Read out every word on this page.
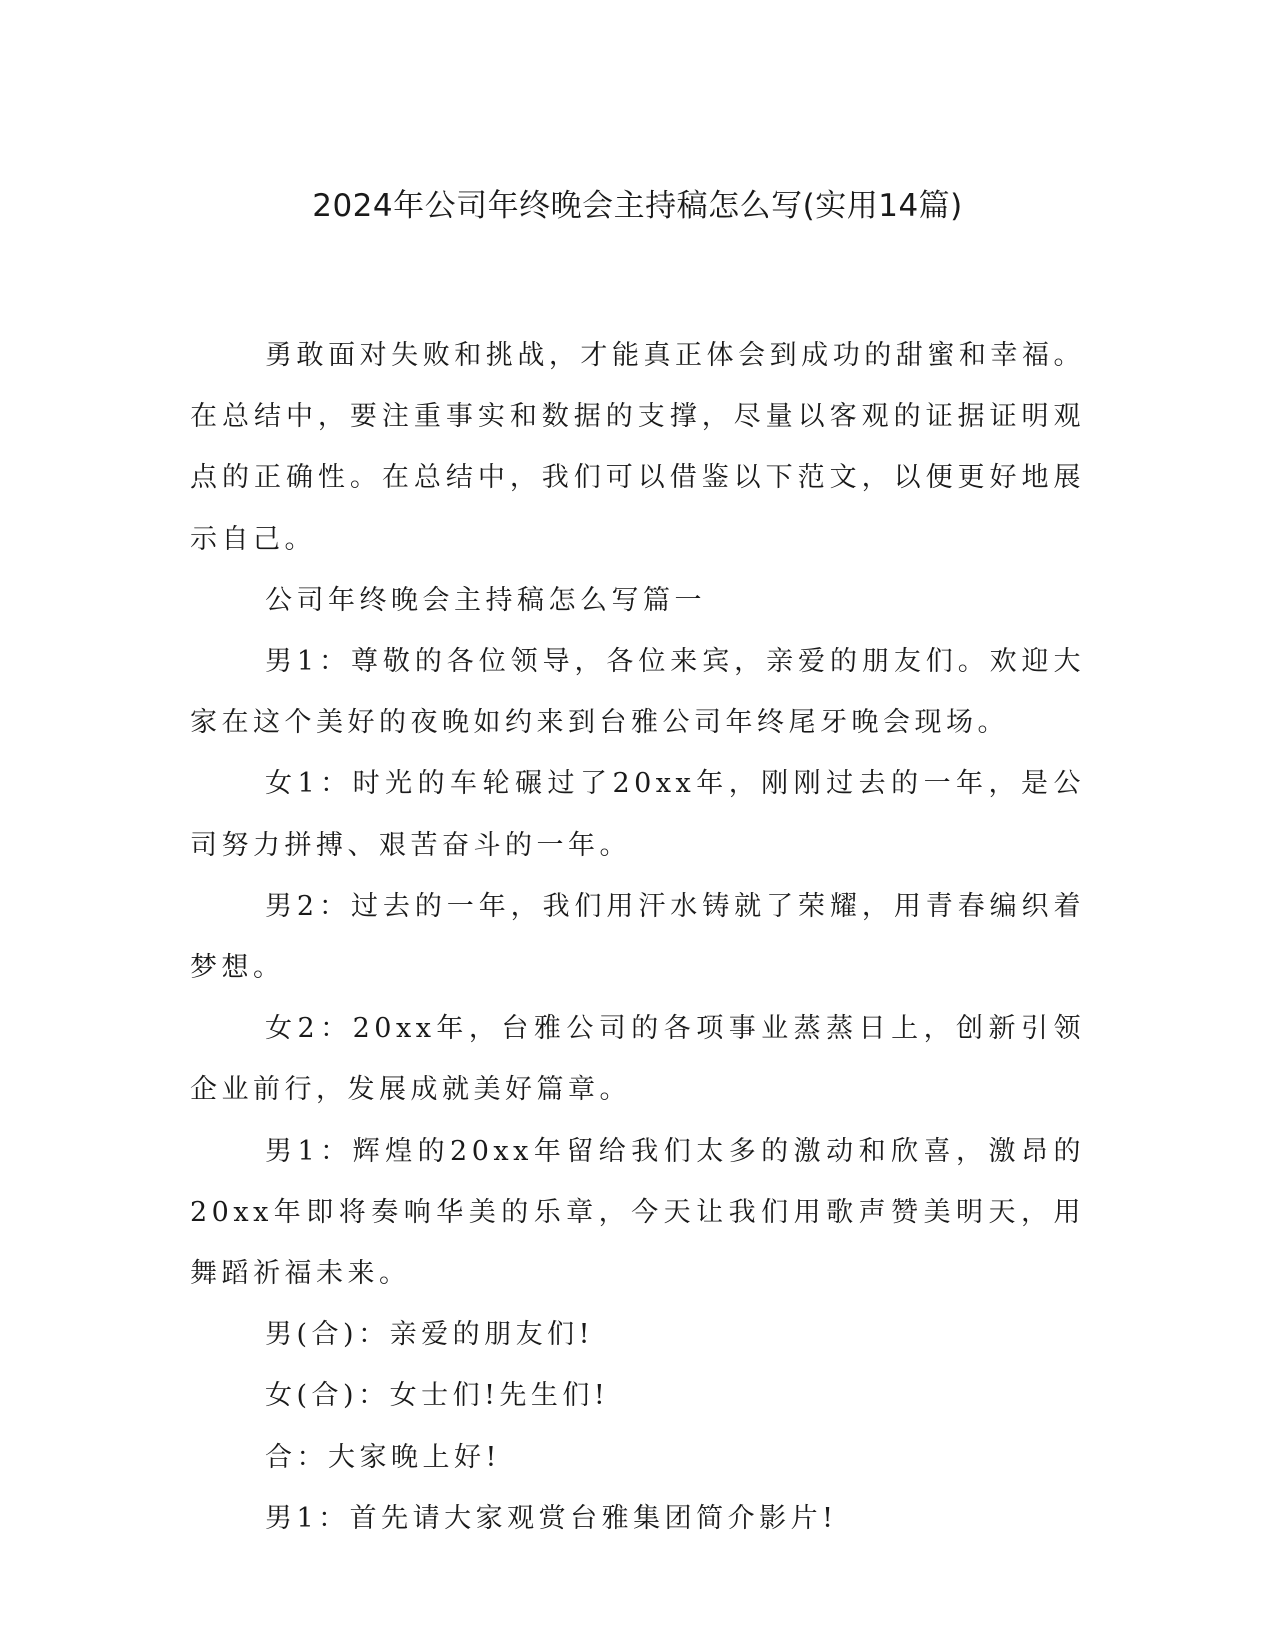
2024年公司年终晚会主持稿怎么写(实用14篇)

勇敢面对失败和挑战，才能真正体会到成功的甜蜜和幸福。在总结中，要注重事实和数据的支撑，尽量以客观的证据证明观点的正确性。在总结中，我们可以借鉴以下范文，以便更好地展示自己。

公司年终晚会主持稿怎么写篇一

男1：尊敬的各位领导，各位来宾，亲爱的朋友们。欢迎大家在这个美好的夜晚如约来到台雅公司年终尾牙晚会现场。

女1：时光的车轮碾过了20xx年，刚刚过去的一年，是公司努力拼搏、艰苦奋斗的一年。

男2：过去的一年，我们用汗水铸就了荣耀，用青春编织着梦想。

女2：20xx年，台雅公司的各项事业蒸蒸日上，创新引领企业前行，发展成就美好篇章。

男1：辉煌的20xx年留给我们太多的激动和欣喜，激昂的20xx年即将奏响华美的乐章，今天让我们用歌声赞美明天，用舞蹈祈福未来。

男(合)：亲爱的朋友们!

女(合)：女士们!先生们!

合：大家晚上好!

男1：首先请大家观赏台雅集团简介影片!
